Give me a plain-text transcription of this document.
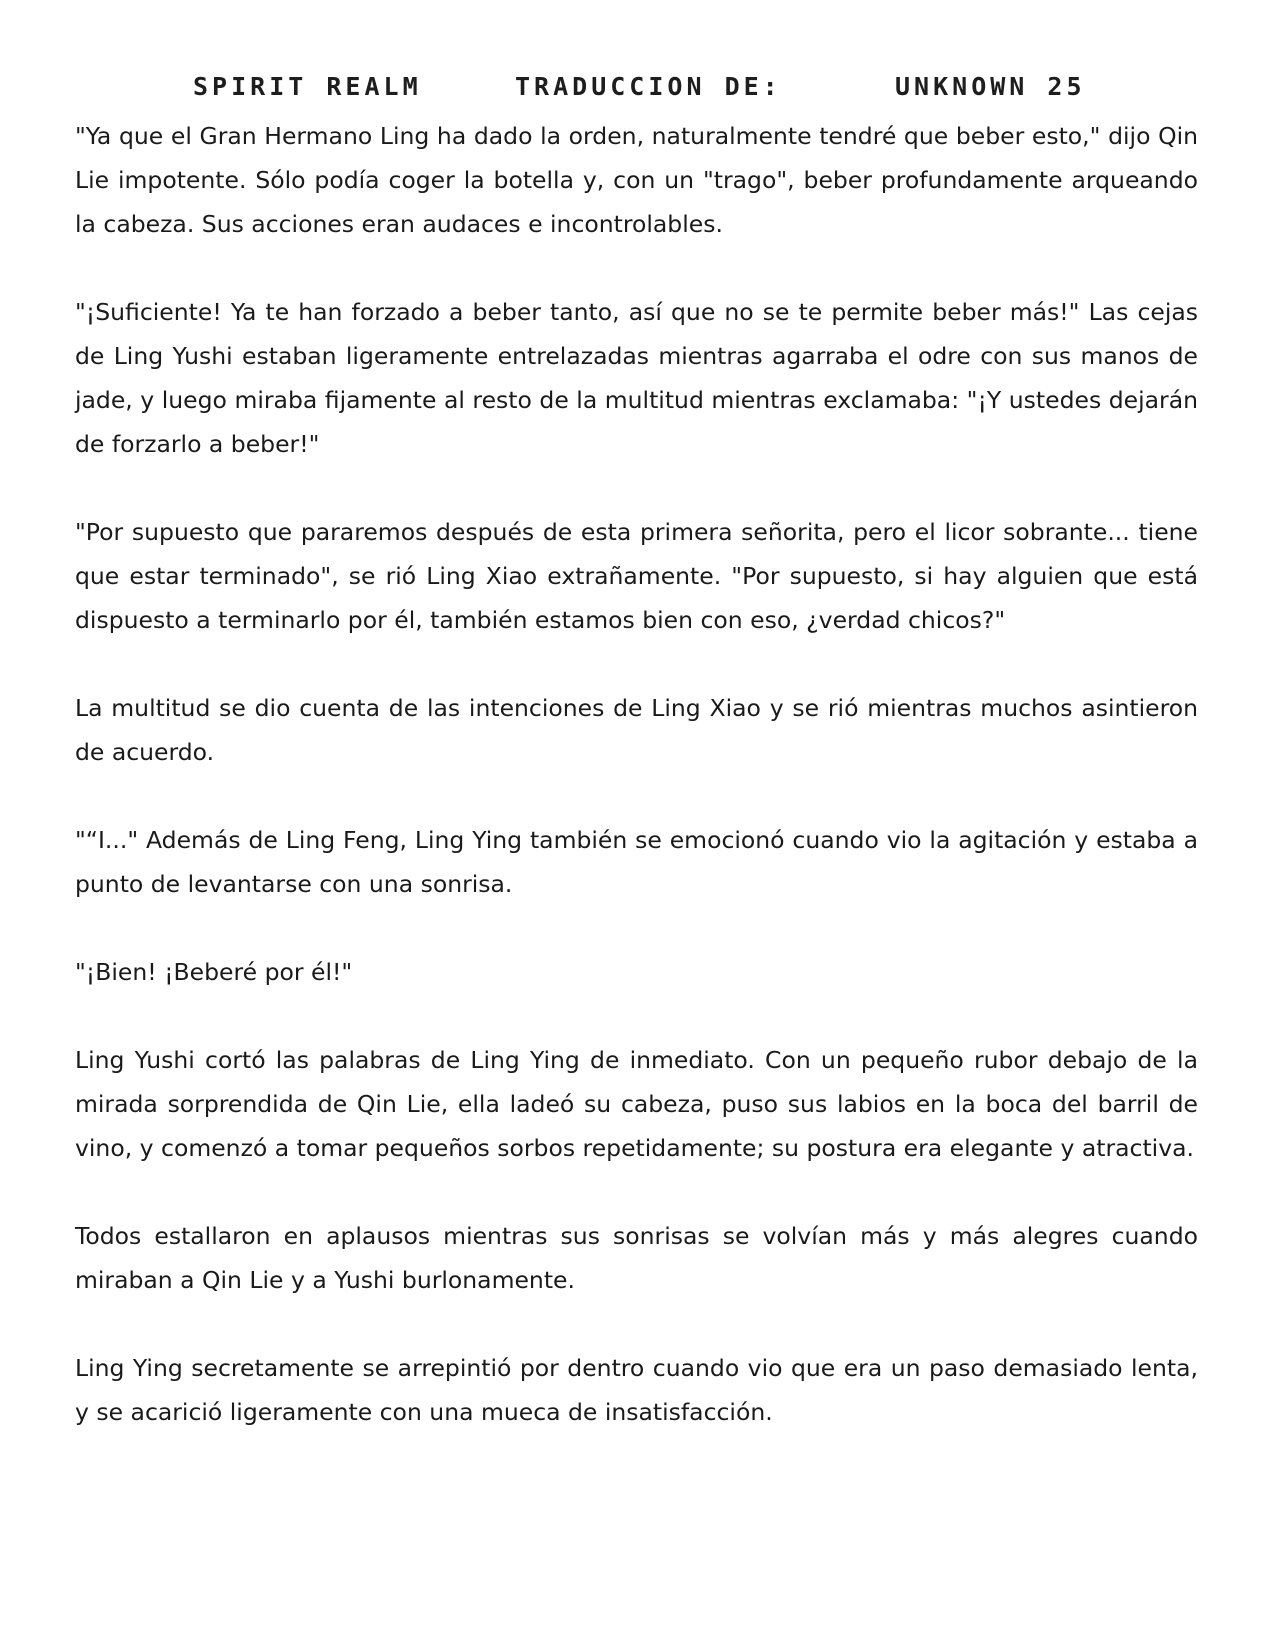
SPIRIT REALM	TRADUCCION DE:	UNKNOWN 25

"Ya que el Gran Hermano Ling ha dado la orden, naturalmente tendré que beber esto," dijo Qin Lie impotente. Sólo podía coger la botella y, con un "trago", beber profundamente arqueando la cabeza. Sus acciones eran audaces e incontrolables.

"¡Suficiente! Ya te han forzado a beber tanto, así que no se te permite beber más!" Las cejas de Ling Yushi estaban ligeramente entrelazadas mientras agarraba el odre con sus manos de jade, y luego miraba fijamente al resto de la multitud mientras exclamaba: "¡Y ustedes dejarán de forzarlo a beber!"

"Por supuesto que pararemos después de esta primera señorita, pero el licor sobrante... tiene que estar terminado", se rió Ling Xiao extrañamente. "Por supuesto, si hay alguien que está dispuesto a terminarlo por él, también estamos bien con eso, ¿verdad chicos?"

La multitud se dio cuenta de las intenciones de Ling Xiao y se rió mientras muchos asintieron de acuerdo.

"“I..." Además de Ling Feng, Ling Ying también se emocionó cuando vio la agitación y estaba a punto de levantarse con una sonrisa.

"¡Bien! ¡Beberé por él!"

Ling Yushi cortó las palabras de Ling Ying de inmediato. Con un pequeño rubor debajo de la mirada sorprendida de Qin Lie, ella ladeó su cabeza, puso sus labios en la boca del barril de vino, y comenzó a tomar pequeños sorbos repetidamente; su postura era elegante y atractiva.

Todos estallaron en aplausos mientras sus sonrisas se volvían más y más alegres cuando miraban a Qin Lie y a Yushi burlonamente.

Ling Ying secretamente se arrepintió por dentro cuando vio que era un paso demasiado lenta, y se acarició ligeramente con una mueca de insatisfacción.
